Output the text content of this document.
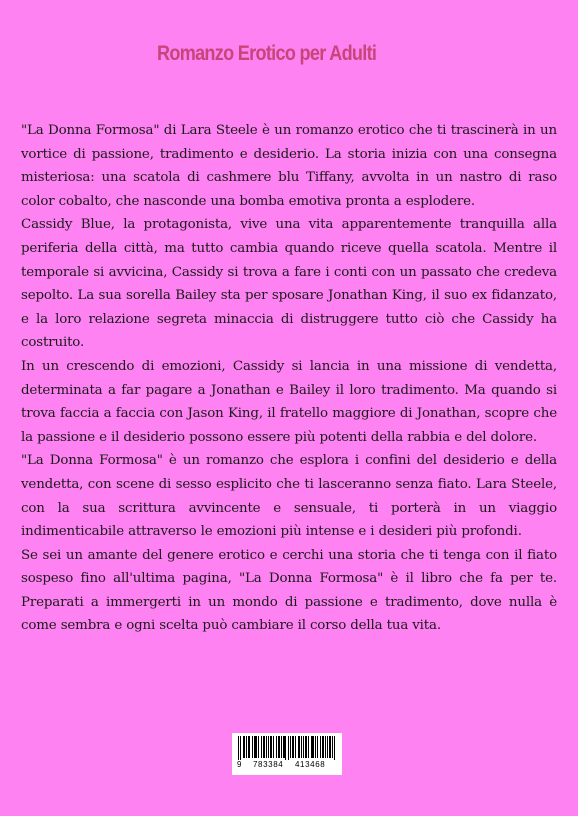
Romanzo Erotico per Adulti

"La Donna Formosa" di Lara Steele è un romanzo erotico che ti trascinerà in un vortice di passione, tradimento e desiderio. La storia inizia con una consegna misteriosa: una scatola di cashmere blu Tiffany, avvolta in un nastro di raso color cobalto, che nasconde una bomba emotiva pronta a esplodere.

Cassidy Blue, la protagonista, vive una vita apparentemente tranquilla alla periferia della città, ma tutto cambia quando riceve quella scatola. Mentre il temporale si avvicina, Cassidy si trova a fare i conti con un passato che credeva sepolto. La sua sorella Bailey sta per sposare Jonathan King, il suo ex fidanzato, e la loro relazione segreta minaccia di distruggere tutto ciò che Cassidy ha costruito.

In un crescendo di emozioni, Cassidy si lancia in una missione di vendetta, determinata a far pagare a Jonathan e Bailey il loro tradimento. Ma quando si trova faccia a faccia con Jason King, il fratello maggiore di Jonathan, scopre che la passione e il desiderio possono essere più potenti della rabbia e del dolore.

"La Donna Formosa" è un romanzo che esplora i confini del desiderio e della vendetta, con scene di sesso esplicito che ti lasceranno senza fiato. Lara Steele, con la sua scrittura avvincente e sensuale, ti porterà in un viaggio indimenticabile attraverso le emozioni più intense e i desideri più profondi.

Se sei un amante del genere erotico e cerchi una storia che ti tenga con il fiato sospeso fino all'ultima pagina, "La Donna Formosa" è il libro che fa per te. Preparati a immergerti in un mondo di passione e tradimento, dove nulla è come sembra e ogni scelta può cambiare il corso della tua vita.

9 783384 413468
